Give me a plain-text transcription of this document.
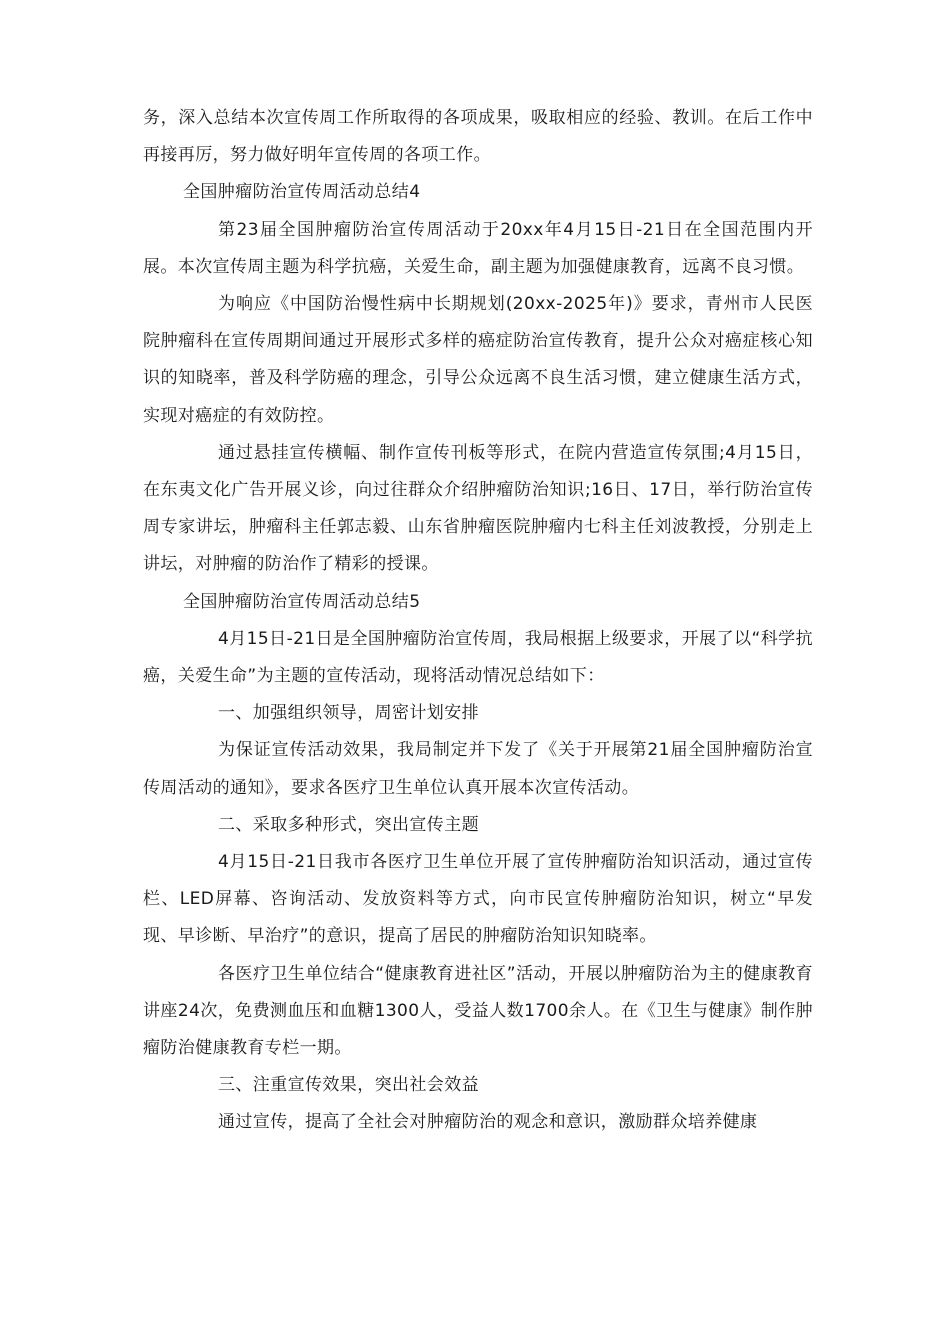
务，深入总结本次宣传周工作所取得的各项成果，吸取相应的经验、教训。在后工作中再接再厉，努力做好明年宣传周的各项工作。

全国肿瘤防治宣传周活动总结4

第23届全国肿瘤防治宣传周活动于20xx年4月15日-21日在全国范围内开展。本次宣传周主题为科学抗癌，关爱生命，副主题为加强健康教育，远离不良习惯。

为响应《中国防治慢性病中长期规划(20xx-2025年)》要求，青州市人民医院肿瘤科在宣传周期间通过开展形式多样的癌症防治宣传教育，提升公众对癌症核心知识的知晓率，普及科学防癌的理念，引导公众远离不良生活习惯，建立健康生活方式，实现对癌症的有效防控。

通过悬挂宣传横幅、制作宣传刊板等形式，在院内营造宣传氛围;4月15日，在东夷文化广告开展义诊，向过往群众介绍肿瘤防治知识;16日、17日，举行防治宣传周专家讲坛，肿瘤科主任郭志毅、山东省肿瘤医院肿瘤内七科主任刘波教授，分别走上讲坛，对肿瘤的防治作了精彩的授课。

全国肿瘤防治宣传周活动总结5

4月15日-21日是全国肿瘤防治宣传周，我局根据上级要求，开展了以“科学抗癌，关爱生命”为主题的宣传活动，现将活动情况总结如下：

一、加强组织领导，周密计划安排

为保证宣传活动效果，我局制定并下发了《关于开展第21届全国肿瘤防治宣传周活动的通知》，要求各医疗卫生单位认真开展本次宣传活动。

二、采取多种形式，突出宣传主题

4月15日-21日我市各医疗卫生单位开展了宣传肿瘤防治知识活动，通过宣传栏、LED屏幕、咨询活动、发放资料等方式，向市民宣传肿瘤防治知识，树立“早发现、早诊断、早治疗”的意识，提高了居民的肿瘤防治知识知晓率。

各医疗卫生单位结合“健康教育进社区”活动，开展以肿瘤防治为主的健康教育讲座24次，免费测血压和血糖1300人，受益人数1700余人。在《卫生与健康》制作肿瘤防治健康教育专栏一期。

三、注重宣传效果，突出社会效益

通过宣传，提高了全社会对肿瘤防治的观念和意识，激励群众培养健康
